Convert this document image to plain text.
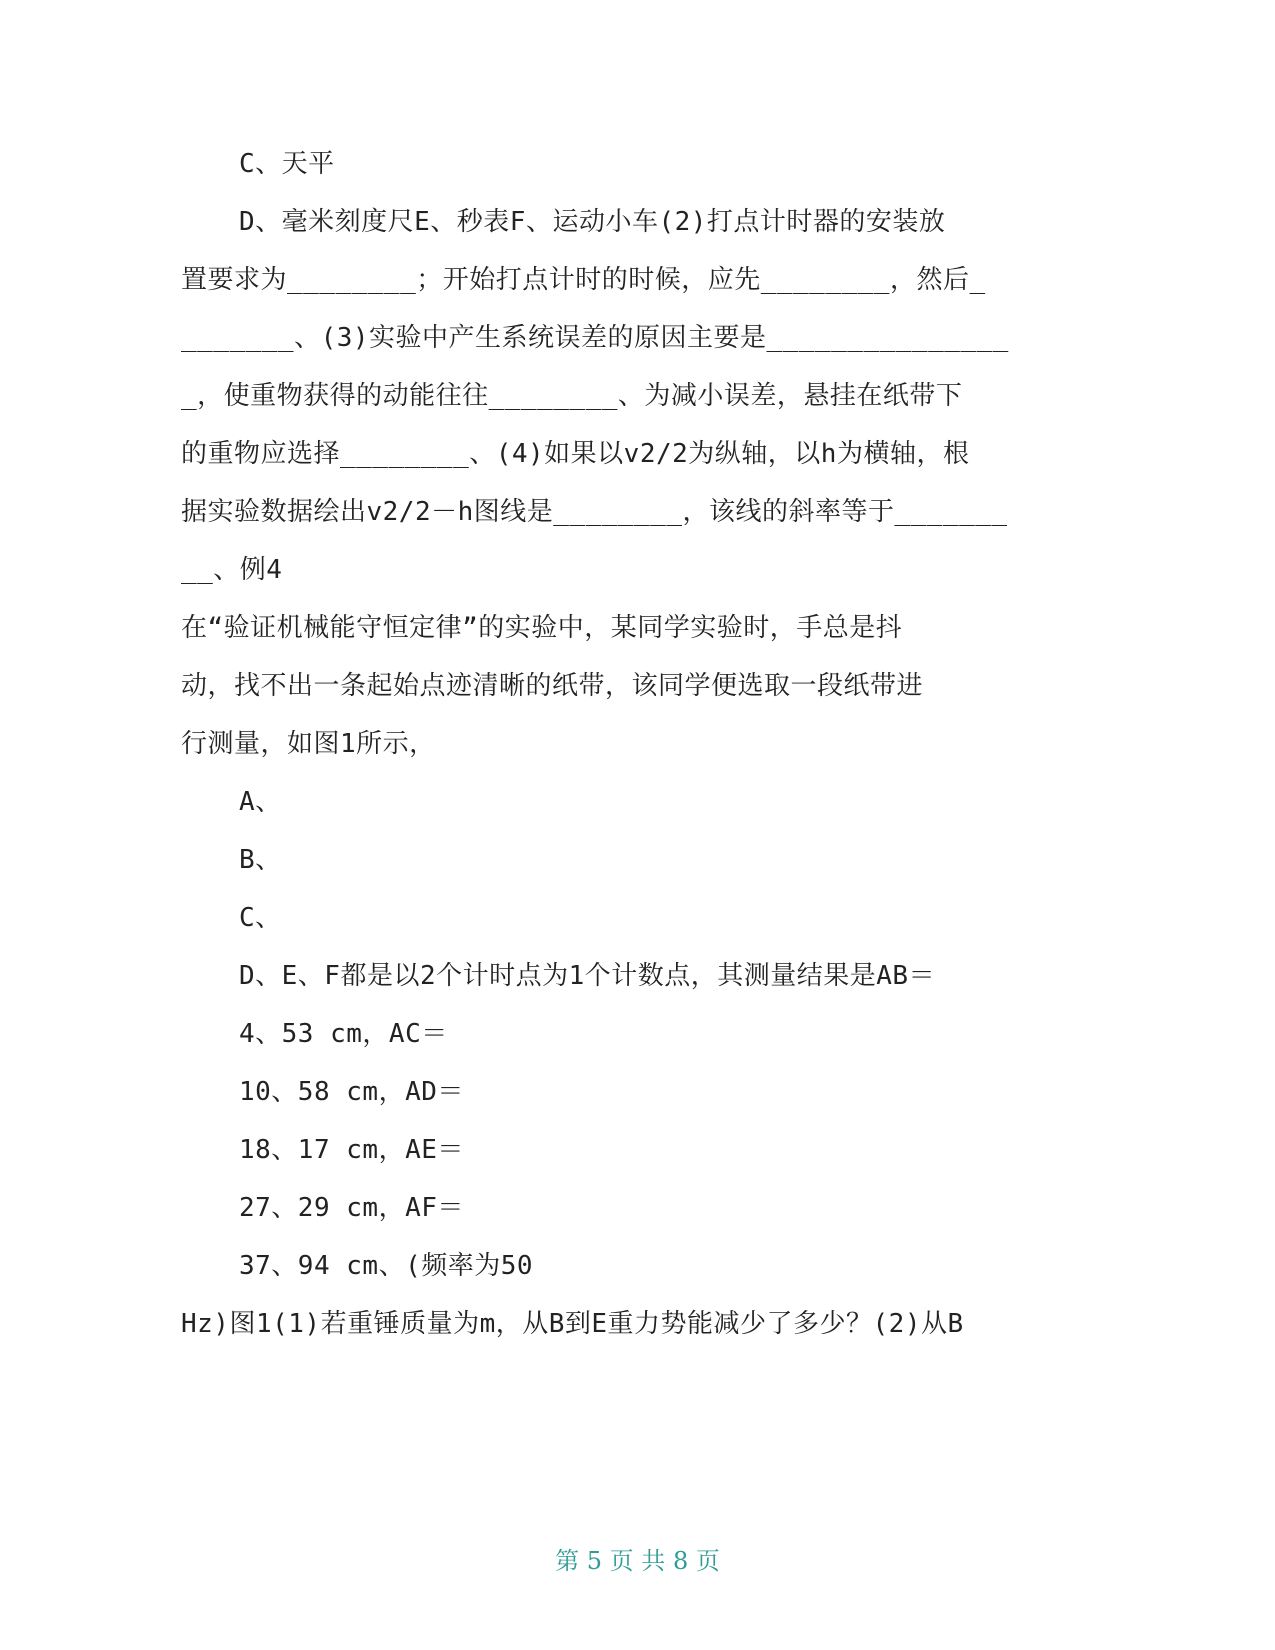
C、天平
D、毫米刻度尺E、秒表F、运动小车(2)打点计时器的安装放
置要求为________；开始打点计时的时候，应先________，然后_
_______、(3)实验中产生系统误差的原因主要是_______________
_，使重物获得的动能往往________、为减小误差，悬挂在纸带下
的重物应选择________、(4)如果以v2/2为纵轴，以h为横轴，根
据实验数据绘出v2/2－h图线是________，该线的斜率等于_______
__、例4
在“验证机械能守恒定律”的实验中，某同学实验时，手总是抖
动，找不出一条起始点迹清晰的纸带，该同学便选取一段纸带进
行测量，如图1所示，
A、
B、
C、
D、E、F都是以2个计时点为1个计数点，其测量结果是AB＝
4、53 cm，AC＝
10、58 cm，AD＝
18、17 cm，AE＝
27、29 cm，AF＝
37、94 cm、(频率为50
Hz)图1(1)若重锤质量为m，从B到E重力势能减少了多少？(2)从B
第 5 页 共 8 页
